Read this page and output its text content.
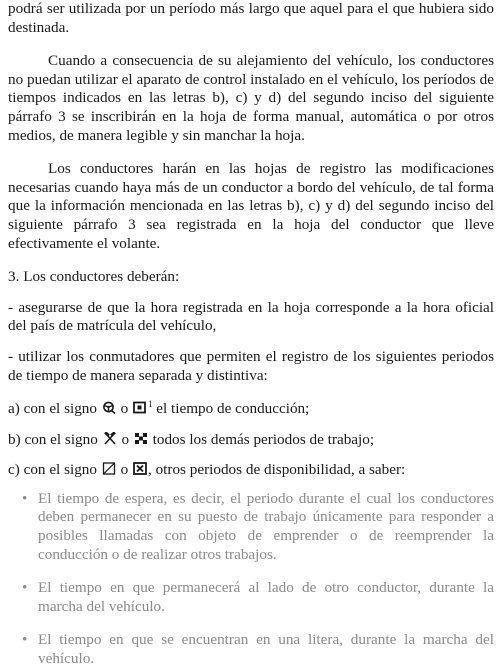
podrá ser utilizada por un período más largo que aquel para el que hubiera sido destinada.

Cuando a consecuencia de su alejamiento del vehículo, los conductores no puedan utilizar el aparato de control instalado en el vehículo, los períodos de tiempos indicados en las letras b), c) y d) del segundo inciso del siguiente párrafo 3 se inscribirán en la hoja de forma manual, automática o por otros medios, de manera legible y sin manchar la hoja.

Los conductores harán en las hojas de registro las modificaciones necesarias cuando haya más de un conductor a bordo del vehículo, de tal forma que la información mencionada en las letras b), c) y d) del segundo inciso del siguiente párrafo 3 sea registrada en la hoja del conductor que lleve efectivamente el volante.

3. Los conductores deberán:

- asegurarse de que la hora registrada en la hoja corresponde a la hora oficial del país de matrícula del vehículo,

- utilizar los conmutadores que permiten el registro de los siguientes periodos de tiempo de manera separada y distintiva:

a) con el signo o $^1$ el tiempo de conducción;

b) con el signo o todos los demás periodos de trabajo;

c) con el signo o , otros periodos de disponibilidad, a saber:

• El tiempo de espera, es decir, el periodo durante el cual los conductores deben permanecer en su puesto de trabajo únicamente para responder a posibles llamadas con objeto de emprender o de reemprender la conducción o de realizar otros trabajos.
• El tiempo en que permanecerá al lado de otro conductor, durante la marcha del vehículo.
• El tiempo en que se encuentran en una litera, durante la marcha del vehículo.
